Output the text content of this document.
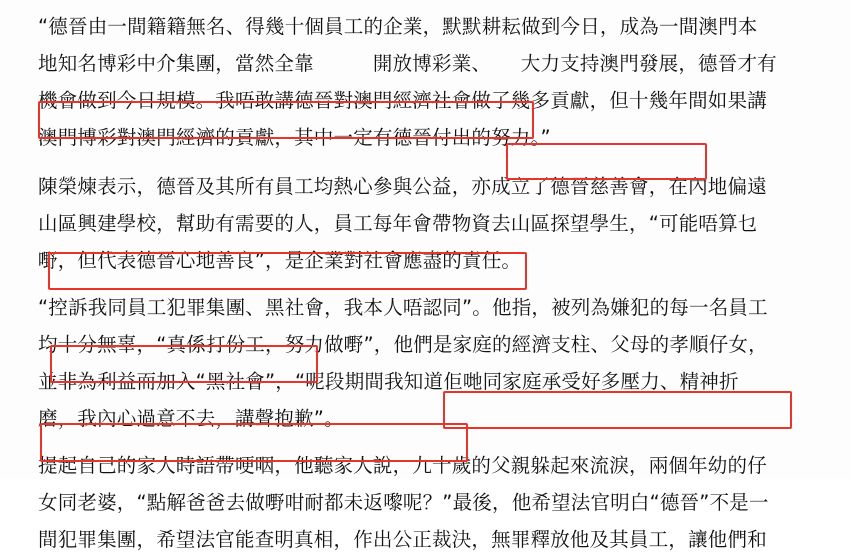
“德晉由一間籍籍無名、得幾十個員工的企業，默默耕耘做到今日，成為一間澳門本
地知名博彩中介集團，當然全靠　　　開放博彩業、　　大力支持澳門發展，德晉才有
機會做到今日規模。我唔敢講德晉對澳門經濟社會做了幾多貢獻，但十幾年間如果講
澳門博彩對澳門經濟的貢獻，其中一定有德晉付出的努力。”
陳榮煉表示，德晉及其所有員工均熱心參與公益，亦成立了德晉慈善會，在內地偏遠
山區興建學校，幫助有需要的人，員工每年會帶物資去山區探望學生，“可能唔算乜
嘢，但代表德晉心地善良”，是企業對社會應盡的責任。
“控訴我同員工犯罪集團、黑社會，我本人唔認同”。他指，被列為嫌犯的每一名員工
均十分無辜，“真係打份工，努力做嘢”，他們是家庭的經濟支柱、父母的孝順仔女，
並非為利益而加入“黑社會”，“呢段期間我知道佢哋同家庭承受好多壓力、精神折
磨，我內心過意不去，講聲抱歉”。
提起自己的家人時語帶哽咽，他聽家人說，九十歲的父親躲起來流淚，兩個年幼的仔
女同老婆，“點解爸爸去做嘢咁耐都未返嚟呢？”最後，他希望法官明白“德晉”不是一
間犯罪集團，希望法官能查明真相，作出公正裁決，無罪釋放他及其員工，讓他們和
